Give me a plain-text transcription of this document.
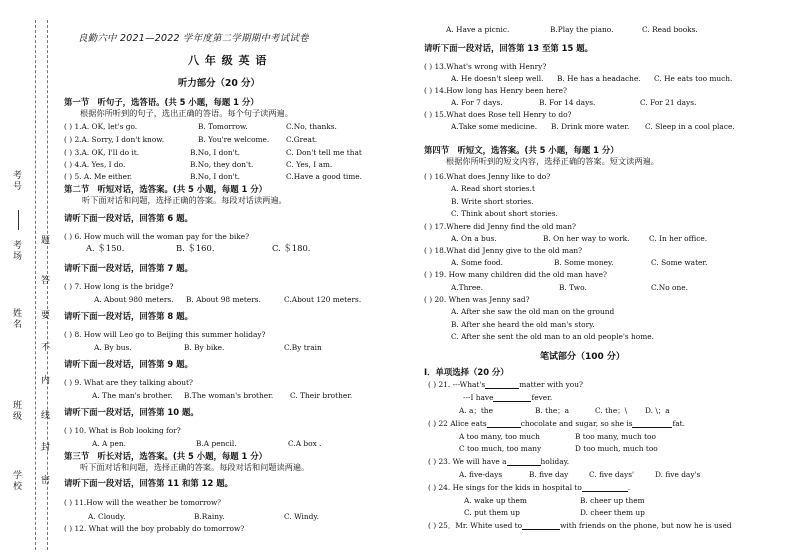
考号
考场
姓名
班级
学校
题
答
要
不
内
线
封
密
良勤六中 2021—2022 学年度第二学期期中考试试卷
八 年 级 英 语
听力部分（20 分）
第一节　听句子，选答语。(共 5 小题，每题 1 分）
根据你所听到的句子，选出正确的答语。每个句子读两遍。
( ) 1.A. OK, let's go.	B. Tomorrow.	C.No, thanks.
( ) 2.A. Sorry, I don't know.	B. You're welcome. C.Great.
( ) 3.A. OK, I'll do it.	B.No, I don't.	C. Don't tell me that
( ) 4.A. Yes, I do.	B.No, they don't.	C. Yes, I am.
( ) 5. A. Me either.	B.No, I don't.	C.Have a good time.
第二节　听短对话，选答案。(共 5 小题，每题 1 分）
听下面对话和问题，选择正确的答案。每段对话读两遍。
请听下面一段对话，回答第 6 题。
( ) 6. How much will the woman pay for the bike?
A. ＄150.	B. ＄160.	C. ＄180.
请听下面一段对话，回答第 7 题。
( ) 7. How long is the bridge?
A. About 980 meters. B. About 98 meters.	C.About 120 meters.
请听下面一段对话，回答第 8 题。
( ) 8. How will Leo go to Beijing this summer holiday?
A. By bus.	B. By bike.	C.By train
请听下面一段对话，回答第 9 题。
( ) 9. What are they talking about?
A. The man's brother. B.The woman's brother. C. Their brother.
请听下面一段对话，回答第 10 题。
( ) 10. What is Bob looking for?
A. A pen.	B.A pencil.	C.A box .
第三节　听长对话，选答案。(共 5 小题，每题 1 分）
听下面对话和问题，选择正确的答案。每段对话和问题读两遍。
请听下面一段对话，回答第 11 和第 12 题。
( ) 11.How will the weather be tomorrow？
A. Cloudy.	B.Rainy.	C. Windy.
( ) 12. What will the boy probably do tomorrow?
A. Have a picnic.	B.Play the piano.	C. Read books.
请听下面一段对话，回答第 13 至第 15 题。
( ) 13.What's wrong with Henry?
A. He doesn't sleep well. B. He has a headache. C. He eats too much.
( ) 14.How long has Henry been here?
A. For 7 days.	B. For 14 days.	C. For 21 days.
( ) 15.What does Rose tell Henry to do?
A.Take some medicine. B. Drink more water. C. Sleep in a cool place.
第四节　听短文，选答案。(共 5 小题，每题 1 分）
根据你所听到的短文内容，选择正确的答案。短文读两遍。
( ) 16.What does Jenny like to do?
A. Read short stories.t
B. Write short stories.
C. Think about short stories.
( ) 17.Where did Jenny find the old man?
A. On a bus.	B. On her way to work.	C. In her office.
( ) 18.What did Jenny give to the old man?
A. Some food.	B. Some money.	C. Some water.
( ) 19. How many children did the old man have?
A.Three.	B. Two.	C.No one.
( ) 20. When was Jenny sad?
A. After she saw the old man on the ground
B. After she heard the old man's story.
C. After she sent the old man to an old people's home.
笔试部分（100 分）
I．单项选择（20 分）
( ) 21. ---What's	matter with you?
---I have	fever.
A. a；the	B. the；a	C. the；\ D. \；a
( ) 22 Alice eats	chocolate and sugar, so she is	fat.
A too many, too much	B too many, much too
C too much, too many	D too much, much too
( ) 23. We will have a	holiday.
A. five-days	B. five day	C. five days'	D. five day's
( ) 24. He sings for the kids in hospital to	.
A. wake up them	B. cheer up them
C. put them up	D. cheer them up
( ) 25．Mr. White used to	with friends on the phone, but now he is used
